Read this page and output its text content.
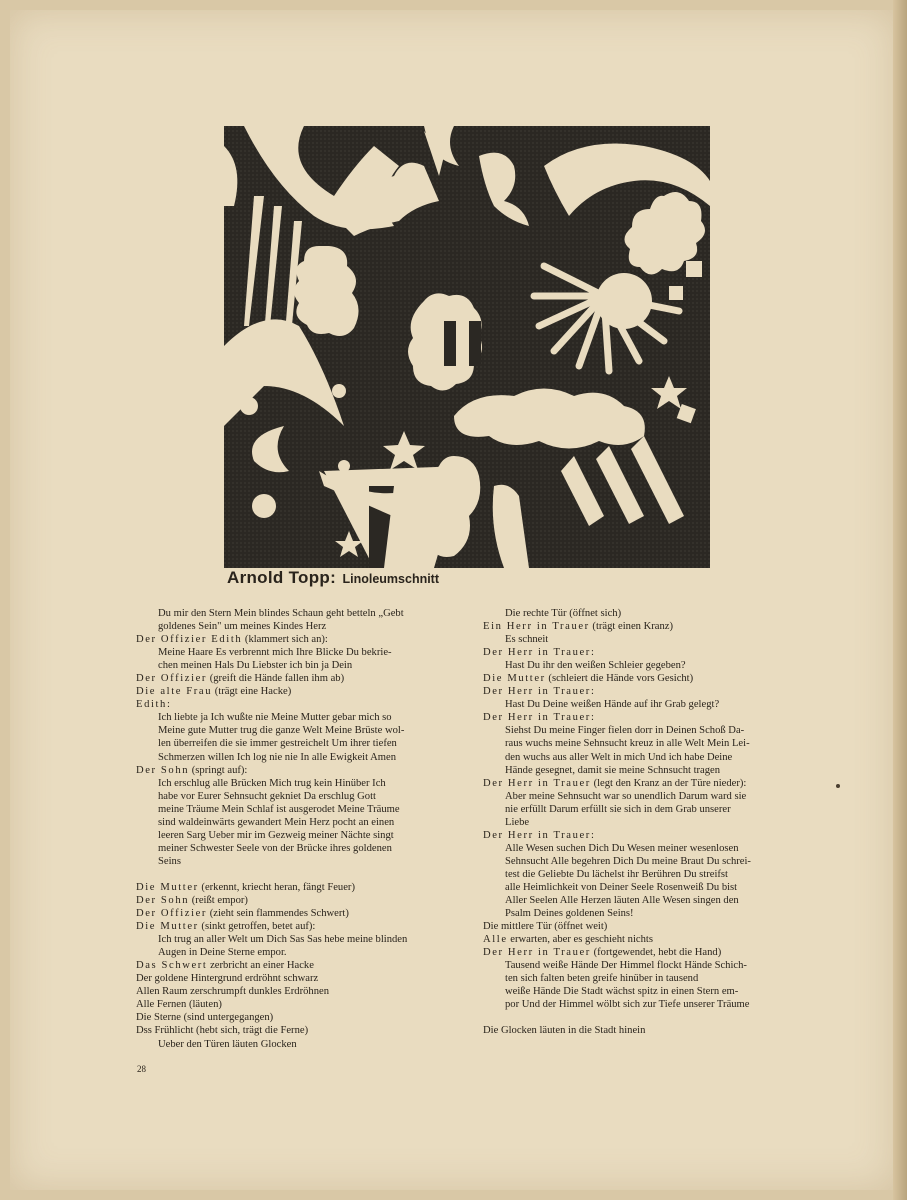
Arnold Topp: Linoleumschnitt
Du mir den Stern Mein blindes Schaun geht betteln „Gebt
goldenes Sein" um meines Kindes Herz
Der Offizier Edith (klammert sich an):
Meine Haare Es verbrennt mich Ihre Blicke Du bekrie-
chen meinen Hals Du Liebster ich bin ja Dein
Der Offizier (greift die Hände fallen ihm ab)
Die alte Frau (trägt eine Hacke)
Edith:
Ich liebte ja Ich wußte nie Meine Mutter gebar mich so
Meine gute Mutter trug die ganze Welt Meine Brüste wol-
len überreifen die sie immer gestreichelt Um ihrer tiefen
Schmerzen willen Ich log nie nie In alle Ewigkeit Amen
Der Sohn (springt auf):
Ich erschlug alle Brücken Mich trug kein Hinüber Ich
habe vor Eurer Sehnsucht gekniet Da erschlug Gott
meine Träume Mein Schlaf ist ausgerodet Meine Träume
sind waldeinwärts gewandert Mein Herz pocht an einen
leeren Sarg Ueber mir im Gezweig meiner Nächte singt
meiner Schwester Seele von der Brücke ihres goldenen
Seins
Die Mutter (erkennt, kriecht heran, fängt Feuer)
Der Sohn (reißt empor)
Der Offizier (zieht sein flammendes Schwert)
Die Mutter (sinkt getroffen, betet auf):
Ich trug an aller Welt um Dich Sas Sas hebe meine blinden
Augen in Deine Sterne empor.
Das Schwert zerbricht an einer Hacke
Der goldene Hintergrund erdröhnt schwarz
Allen Raum zerschrumpft dunkles Erdröhnen
Alle Fernen (läuten)
Die Sterne (sind untergegangen)
Dss Frühlicht (hebt sich, trägt die Ferne)
Ueber den Türen läuten Glocken
Die rechte Tür (öffnet sich)
Ein Herr in Trauer (trägt einen Kranz)
Es schneit
Der Herr in Trauer:
Hast Du ihr den weißen Schleier gegeben?
Die Mutter (schleiert die Hände vors Gesicht)
Der Herr in Trauer:
Hast Du Deine weißen Hände auf ihr Grab gelegt?
Der Herr in Trauer:
Siehst Du meine Finger fielen dorr in Deinen Schoß Da-
raus wuchs meine Sehnsucht kreuz in alle Welt Mein Lei-
den wuchs aus aller Welt in mich Und ich habe Deine
Hände gesegnet, damit sie meine Schnsucht tragen
Der Herr in Trauer (legt den Kranz an der Türe nieder):
Aber meine Sehnsucht war so unendlich Darum ward sie
nie erfüllt Darum erfüllt sie sich in dem Grab unserer
Liebe
Der Herr in Trauer:
Alle Wesen suchen Dich Du Wesen meiner wesenlosen
Sehnsucht Alle begehren Dich Du meine Braut Du schrei-
test die Geliebte Du lächelst ihr Berühren Du streifst
alle Heimlichkeit von Deiner Seele Rosenweiß Du bist
Aller Seelen Alle Herzen läuten Alle Wesen singen den
Psalm Deines goldenen Seins!
Die mittlere Tür (öffnet weit)
Alle erwarten, aber es geschieht nichts
Der Herr in Trauer (fortgewendet, hebt die Hand)
Tausend weiße Hände Der Himmel flockt Hände Schich-
ten sich falten beten greife hinüber in tausend
weiße Hände Die Stadt wächst spitz in einen Stern em-
por Und der Himmel wölbt sich zur Tiefe unserer Träume
Die Glocken läuten in die Stadt hinein
28
